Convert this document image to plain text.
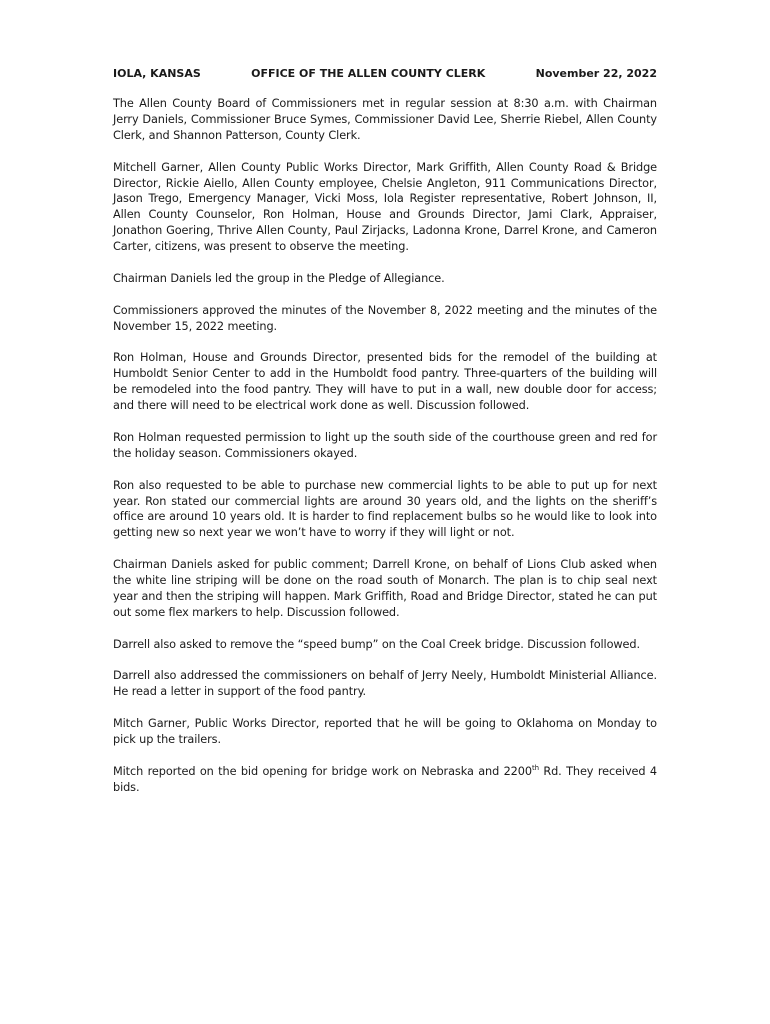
IOLA, KANSAS	OFFICE OF THE ALLEN COUNTY CLERK	November 22, 2022

The Allen County Board of Commissioners met in regular session at 8:30 a.m. with Chairman Jerry Daniels, Commissioner Bruce Symes, Commissioner David Lee, Sherrie Riebel, Allen County Clerk, and Shannon Patterson, County Clerk.

Mitchell Garner, Allen County Public Works Director, Mark Griffith, Allen County Road & Bridge Director, Rickie Aiello, Allen County employee, Chelsie Angleton, 911 Communications Director, Jason Trego, Emergency Manager, Vicki Moss, Iola Register representative, Robert Johnson, II, Allen County Counselor, Ron Holman, House and Grounds Director, Jami Clark, Appraiser, Jonathon Goering, Thrive Allen County, Paul Zirjacks, Ladonna Krone, Darrel Krone, and Cameron Carter, citizens, was present to observe the meeting.

Chairman Daniels led the group in the Pledge of Allegiance.

Commissioners approved the minutes of the November 8, 2022 meeting and the minutes of the November 15, 2022 meeting.

Ron Holman, House and Grounds Director, presented bids for the remodel of the building at Humboldt Senior Center to add in the Humboldt food pantry. Three-quarters of the building will be remodeled into the food pantry. They will have to put in a wall, new double door for access; and there will need to be electrical work done as well. Discussion followed.

Ron Holman requested permission to light up the south side of the courthouse green and red for the holiday season. Commissioners okayed.

Ron also requested to be able to purchase new commercial lights to be able to put up for next year. Ron stated our commercial lights are around 30 years old, and the lights on the sheriff’s office are around 10 years old. It is harder to find replacement bulbs so he would like to look into getting new so next year we won’t have to worry if they will light or not.

Chairman Daniels asked for public comment; Darrell Krone, on behalf of Lions Club asked when the white line striping will be done on the road south of Monarch. The plan is to chip seal next year and then the striping will happen. Mark Griffith, Road and Bridge Director, stated he can put out some flex markers to help. Discussion followed.

Darrell also asked to remove the “speed bump” on the Coal Creek bridge. Discussion followed.

Darrell also addressed the commissioners on behalf of Jerry Neely, Humboldt Ministerial Alliance. He read a letter in support of the food pantry.

Mitch Garner, Public Works Director, reported that he will be going to Oklahoma on Monday to pick up the trailers.

Mitch reported on the bid opening for bridge work on Nebraska and 2200th Rd. They received 4 bids.
